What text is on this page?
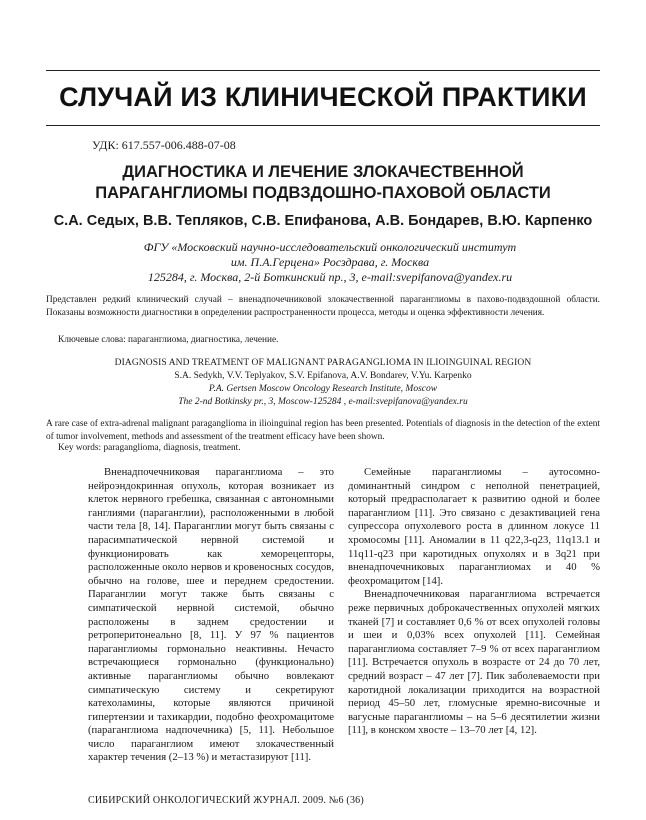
СЛУЧАЙ ИЗ КЛИНИЧЕСКОЙ ПРАКТИКИ
УДК: 617.557-006.488-07-08
ДИАГНОСТИКА И ЛЕЧЕНИЕ ЗЛОКАЧЕСТВЕННОЙ
ПАРАГАНГЛИОМЫ ПОДВЗДОШНО-ПАХОВОЙ ОБЛАСТИ
С.А. Седых, В.В. Тепляков, С.В. Епифанова, А.В. Бондарев, В.Ю. Карпенко
ФГУ «Московский научно-исследовательский онкологический институт
им. П.А.Герцена» Росздрава, г. Москва
125284, г. Москва, 2-й Боткинский пр., 3, e-mail:svepifanova@yandex.ru
Представлен редкий клинический случай – вненадпочечниковой злокачественной параганглиомы в пахово-подвздошной области. Показаны возможности диагностики в определении распространенности процесса, методы и оценка эффективности лечения.
Ключевые слова: параганглиома, диагностика, лечение.
DIAGNOSIS AND TREATMENT OF MALIGNANT PARAGANGLIOMA IN ILIOINGUINAL REGION
S.A. Sedykh, V.V. Teplyakov, S.V. Epifanova, A.V. Bondarev, V.Yu. Karpenko
P.A. Gertsen Moscow Oncology Research Institute, Moscow
The 2-nd Botkinsky pr., 3, Moscow-125284 , e-mail:svepifanova@yandex.ru
A rare case of extra-adrenal malignant paraganglioma in ilioinguinal region has been presented. Potentials of diagnosis in the detection of the extent of tumor involvement, methods and assessment of the treatment efficacy have been shown.
Key words: paraganglioma, diagnosis, treatment.

Вненадпочечниковая параганглиома – это нейроэндокринная опухоль, которая возникает из клеток нервного гребешка, связанная с автономными ганглиями (параганглии), расположенными в любой части тела [8, 14]. Параганглии могут быть связаны с парасимпатической нервной системой и функционировать как хеморецепторы, расположенные около нервов и кровеносных сосудов, обычно на голове, шее и переднем средостении. Параганглии могут также быть связаны с симпатической нервной системой, обычно расположены в заднем средостении и ретроперитонеально [8, 11]. У 97 % пациентов параганглиомы гормонально неактивны. Нечасто встречающиеся гормонально (функционально) активные параганглиомы обычно вовлекают симпатическую систему и секретируют катехоламины, которые являются причиной гипертензии и тахикардии, подобно феохромацитоме (параганглиома надпочечника) [5, 11]. Небольшое число параганглиом имеют злокачественный характер течения (2–13 %) и метастазируют [11].

Семейные параганглиомы – аутосомно-доминантный синдром с неполной пенетрацией, который предрасполагает к развитию одной и более параганглиом [11]. Это связано с дезактивацией гена супрессора опухолевого роста в длинном локусе 11 хромосомы [11]. Аномалии в 11 q22,3-q23, 11q13.1 и 11q11-q23 при каротидных опухолях и в 3q21 при вненадпочечниковых параганглиомах и 40 % феохромацитом [14].

Вненадпочечниковая параганглиома встречается реже первичных доброкачественных опухолей мягких тканей [7] и составляет 0,6 % от всех опухолей головы и шеи и 0,03% всех опухолей [11]. Семейная параганглиома составляет 7–9 % от всех параганглиом [11]. Встречается опухоль в возрасте от 24 до 70 лет, средний возраст – 47 лет [7]. Пик заболеваемости при каротидной локализации приходится на возрастной период 45–50 лет, гломусные яремно-височные и вагусные параганглиомы – на 5–6 десятилетии жизни [11], в конском хвосте – 13–70 лет [4, 12].

СИБИРСКИЙ ОНКОЛОГИЧЕСКИЙ ЖУРНАЛ. 2009. №6 (36)
